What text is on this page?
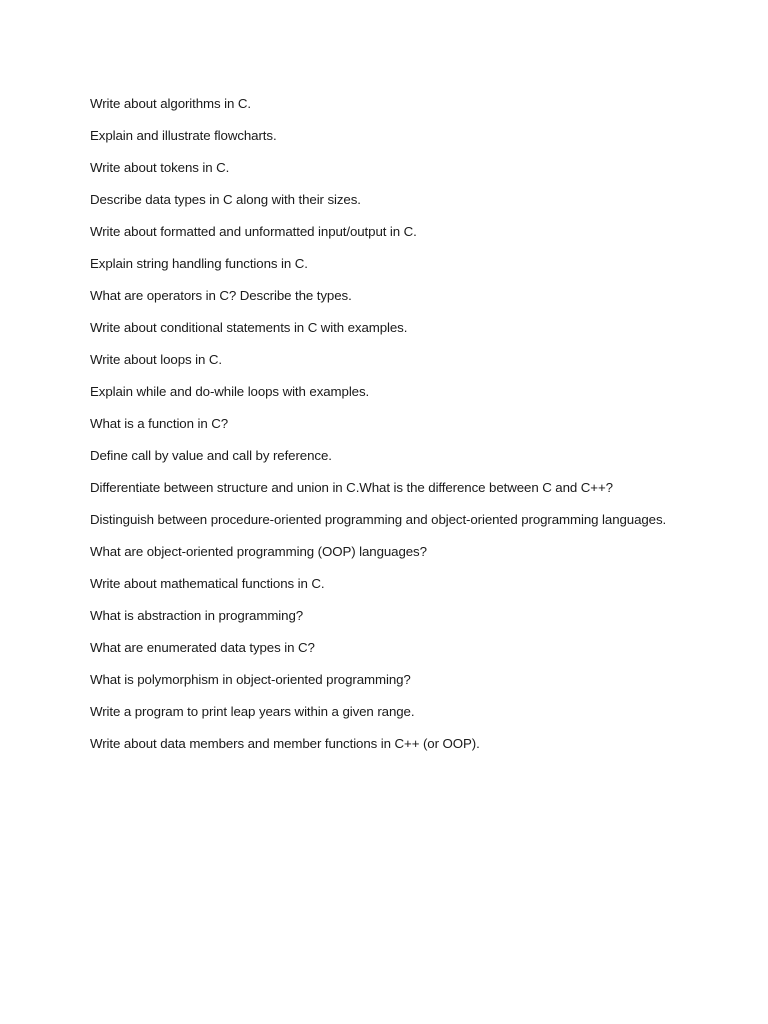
Write about algorithms in C.
Explain and illustrate flowcharts.
Write about tokens in C.
Describe data types in C along with their sizes.
Write about formatted and unformatted input/output in C.
Explain string handling functions in C.
What are operators in C? Describe the types.
Write about conditional statements in C with examples.
Write about loops in C.
Explain while and do-while loops with examples.
What is a function in C?
Define call by value and call by reference.
Differentiate between structure and union in C.What is the difference between C and C++?
Distinguish between procedure-oriented programming and object-oriented programming languages.
What are object-oriented programming (OOP) languages?
Write about mathematical functions in C.
What is abstraction in programming?
What are enumerated data types in C?
What is polymorphism in object-oriented programming?
Write a program to print leap years within a given range.
Write about data members and member functions in C++ (or OOP).
